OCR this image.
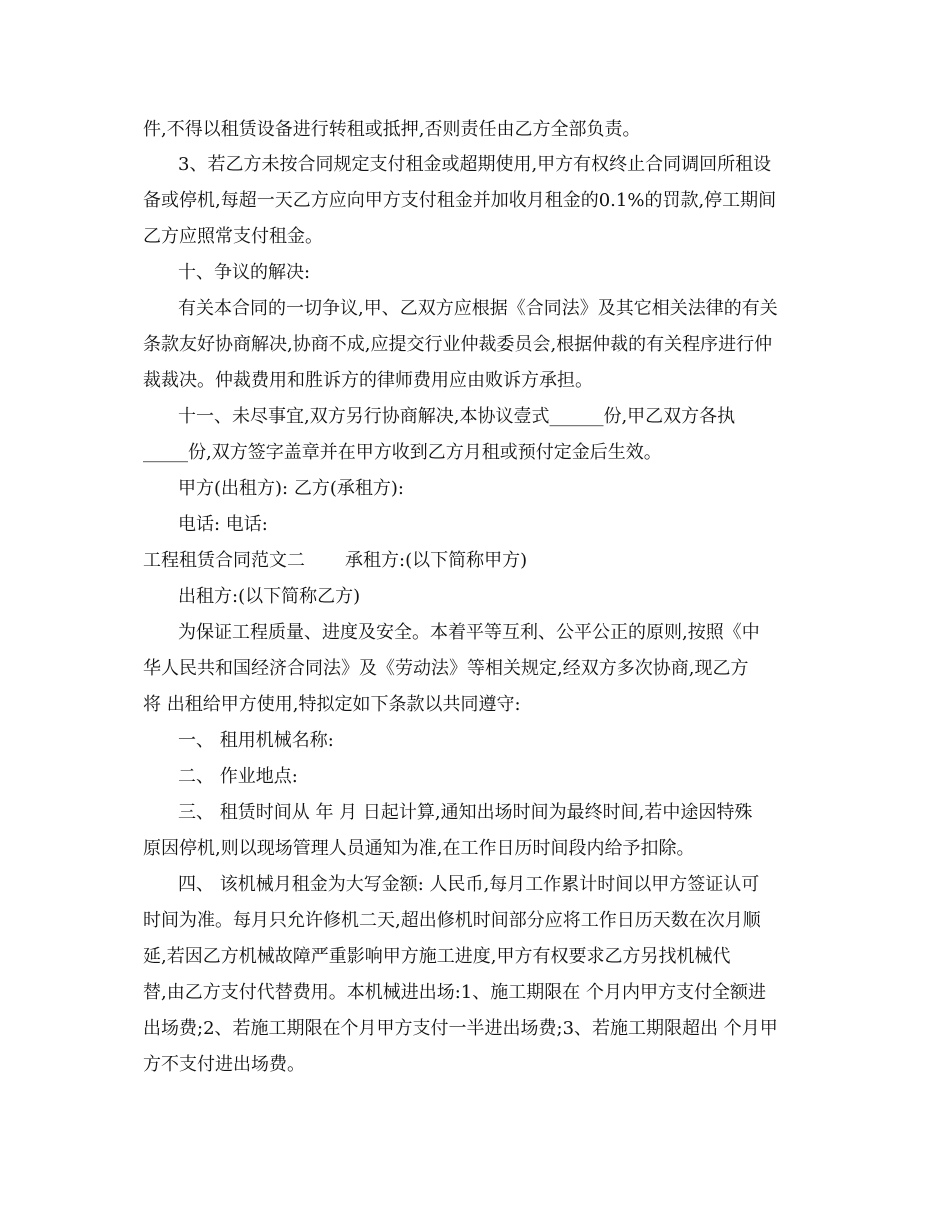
件,不得以租赁设备进行转租或抵押,否则责任由乙方全部负责。
3、若乙方未按合同规定支付租金或超期使用,甲方有权终止合同调回所租设
备或停机,每超一天乙方应向甲方支付租金并加收月租金的0.1%的罚款,停工期间
乙方应照常支付租金。
十、争议的解决:
有关本合同的一切争议,甲、乙双方应根据《合同法》及其它相关法律的有关
条款友好协商解决,协商不成,应提交行业仲裁委员会,根据仲裁的有关程序进行仲
裁裁决。仲裁费用和胜诉方的律师费用应由败诉方承担。
十一、未尽事宜,双方另行协商解决,本协议壹式______份,甲乙双方各执
_____份,双方签字盖章并在甲方收到乙方月租或预付定金后生效。
甲方(出租方): 乙方(承租方):
电话: 电话:
工程租赁合同范文二       承租方:(以下简称甲方)
出租方:(以下简称乙方)
为保证工程质量、进度及安全。本着平等互利、公平公正的原则,按照《中
华人民共和国经济合同法》及《劳动法》等相关规定,经双方多次协商,现乙方
将 出租给甲方使用,特拟定如下条款以共同遵守:
一、 租用机械名称:
二、 作业地点:
三、 租赁时间从 年 月 日起计算,通知出场时间为最终时间,若中途因特殊
原因停机,则以现场管理人员通知为准,在工作日历时间段内给予扣除。
四、 该机械月租金为大写金额: 人民币,每月工作累计时间以甲方签证认可
时间为准。每月只允许修机二天,超出修机时间部分应将工作日历天数在次月顺
延,若因乙方机械故障严重影响甲方施工进度,甲方有权要求乙方另找机械代
替,由乙方支付代替费用。本机械进出场:1、施工期限在 个月内甲方支付全额进
出场费;2、若施工期限在个月甲方支付一半进出场费;3、若施工期限超出 个月甲
方不支付进出场费。
